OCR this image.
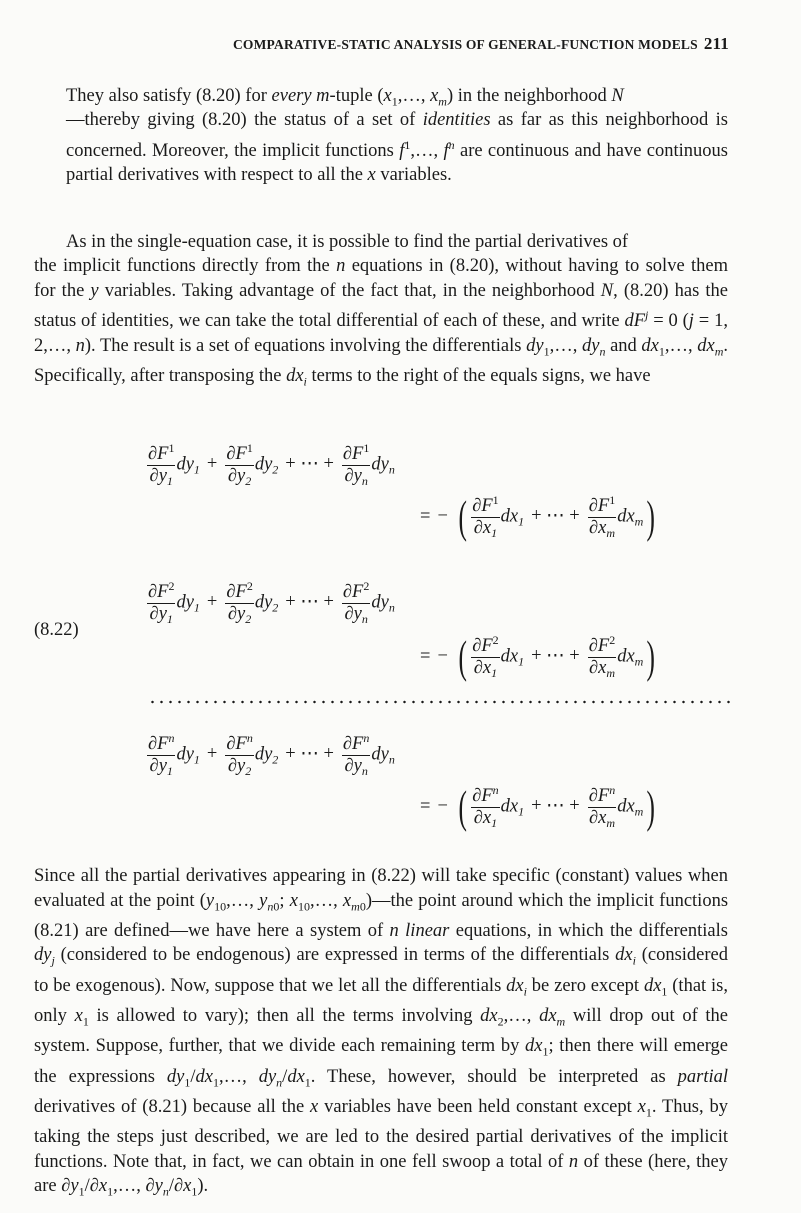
COMPARATIVE-STATIC ANALYSIS OF GENERAL-FUNCTION MODELS 211
They also satisfy (8.20) for every m-tuple ($x_1,\dots$, $x_m$) in the neighborhood N
—thereby giving (8.20) the status of a set of identities as far as this neighborhood is concerned. Moreover, the implicit functions $f^1,\dots$, $f^n$ are continuous and have continuous partial derivatives with respect to all the x variables.
As in the single-equation case, it is possible to find the partial derivatives of
the implicit functions directly from the n equations in (8.20), without having to solve them for the y variables. Taking advantage of the fact that, in the neighborhood N, (8.20) has the status of identities, we can take the total differential of each of these, and write $dF^j = 0$ (j = 1, 2,…, n). The result is a set of equations involving the differentials $dy_1,\dots$, $dy_n$ and $dx_1,\dots$, $dx_m$. Specifically, after transposing the $dx_i$ terms to the right of the equals signs, we have
$\frac{\partial F^1}{\partial y_1} dy_1 + \frac{\partial F^1}{\partial y_2} dy_2$ + ⋯ + $\frac{\partial F^1}{\partial y_n} dy_n$
= − ( $\frac{\partial F^1}{\partial x_1} dx_1$ + ⋯ + $\frac{\partial F^1}{\partial x_m} dx_m$)
$\frac{\partial F^2}{\partial y_1} dy_1 + \frac{\partial F^2}{\partial y_2} dy_2$ + ⋯ + $\frac{\partial F^2}{\partial y_n} dy_n$
(8.22)
= − ( $\frac{\partial F^2}{\partial x_1} dx_1$ + ⋯ + $\frac{\partial F^2}{\partial x_m} dx_m$)
$\frac{\partial F^n}{\partial y_1} dy_1 + \frac{\partial F^n}{\partial y_2} dy_2$ + ⋯ + $\frac{\partial F^n}{\partial y_n} dy_n$
= − ( $\frac{\partial F^n}{\partial x_1} dx_1$ + ⋯ + $\frac{\partial F^n}{\partial x_m} dx_m$)
Since all the partial derivatives appearing in (8.22) will take specific (constant) values when evaluated at the point ($y_{10},\dots$, $y_{n0}$; $x_{10},\dots$, $x_{m0})—the$ point around which the implicit functions (8.21) are defined—we have here a system of n linear equations, in which the differentials $dy_j$ (considered to be endogenous) are expressed in terms of the differentials $dx_i$ (considered to be exogenous). Now, suppose that we let all the differentials $dx_i$ be zero except $dx_1$ (that is, only $x_1$ is allowed to vary); then all the terms involving $dx_2,\dots$, $dx_m$ will drop out of the system. Suppose, further, that we divide each remaining term by $dx_1$; then there will emerge the expressions $dy_1/dx_1,\dots$, $dy_n/dx_1$. These, however, should be interpreted as partial derivatives of (8.21) because all the x variables have been held constant except $x_1$. Thus, by taking the steps just described, we are led to the desired partial derivatives of the implicit functions. Note that, in fact, we can obtain in one fell swoop a total of n of these (here, they are $\partial y_1/\partial x_1,\dots$, $\partial y_n/\partial x_1$).
